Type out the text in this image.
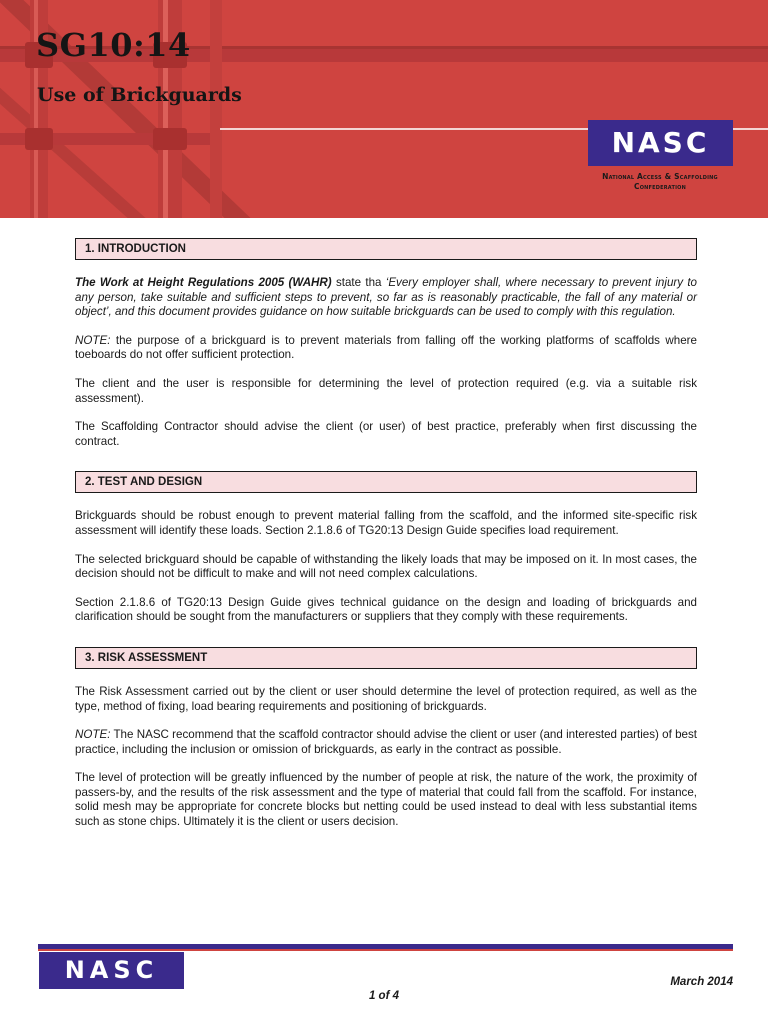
SG10:14
Use of Brickguards
NASC
National Access & Scaffolding
Confederation
1. INTRODUCTION

The Work at Height Regulations 2005 (WAHR) state tha ‘Every employer shall, where necessary to prevent injury to any person, take suitable and sufficient steps to prevent, so far as is reasonably practicable, the fall of any material or object’, and this document provides guidance on how suitable brickguards can be used to comply with this regulation.

NOTE: the purpose of a brickguard is to prevent materials from falling off the working platforms of scaffolds where toeboards do not offer sufficient protection.

The client and the user is responsible for determining the level of protection required (e.g. via a suitable risk assessment).

The Scaffolding Contractor should advise the client (or user) of best practice, preferably when first discussing the contract.

2. TEST AND DESIGN

Brickguards should be robust enough to prevent material falling from the scaffold, and the informed site-specific risk assessment will identify these loads. Section 2.1.8.6 of TG20:13 Design Guide specifies load requirement.

The selected brickguard should be capable of withstanding the likely loads that may be imposed on it. In most cases, the decision should not be difficult to make and will not need complex calculations.

Section 2.1.8.6 of TG20:13 Design Guide gives technical guidance on the design and loading of brickguards and clarification should be sought from the manufacturers or suppliers that they comply with these requirements.

3. RISK ASSESSMENT

The Risk Assessment carried out by the client or user should determine the level of protection required, as well as the type, method of fixing, load bearing requirements and positioning of brickguards.

NOTE: The NASC recommend that the scaffold contractor should advise the client or user (and interested parties) of best practice, including the inclusion or omission of brickguards, as early in the contract as possible.

The level of protection will be greatly influenced by the number of people at risk, the nature of the work, the proximity of passers-by, and the results of the risk assessment and the type of material that could fall from the scaffold. For instance, solid mesh may be appropriate for concrete blocks but netting could be used instead to deal with less substantial items such as stone chips. Ultimately it is the client or users decision.

NASC	March 2014
1 of 4
